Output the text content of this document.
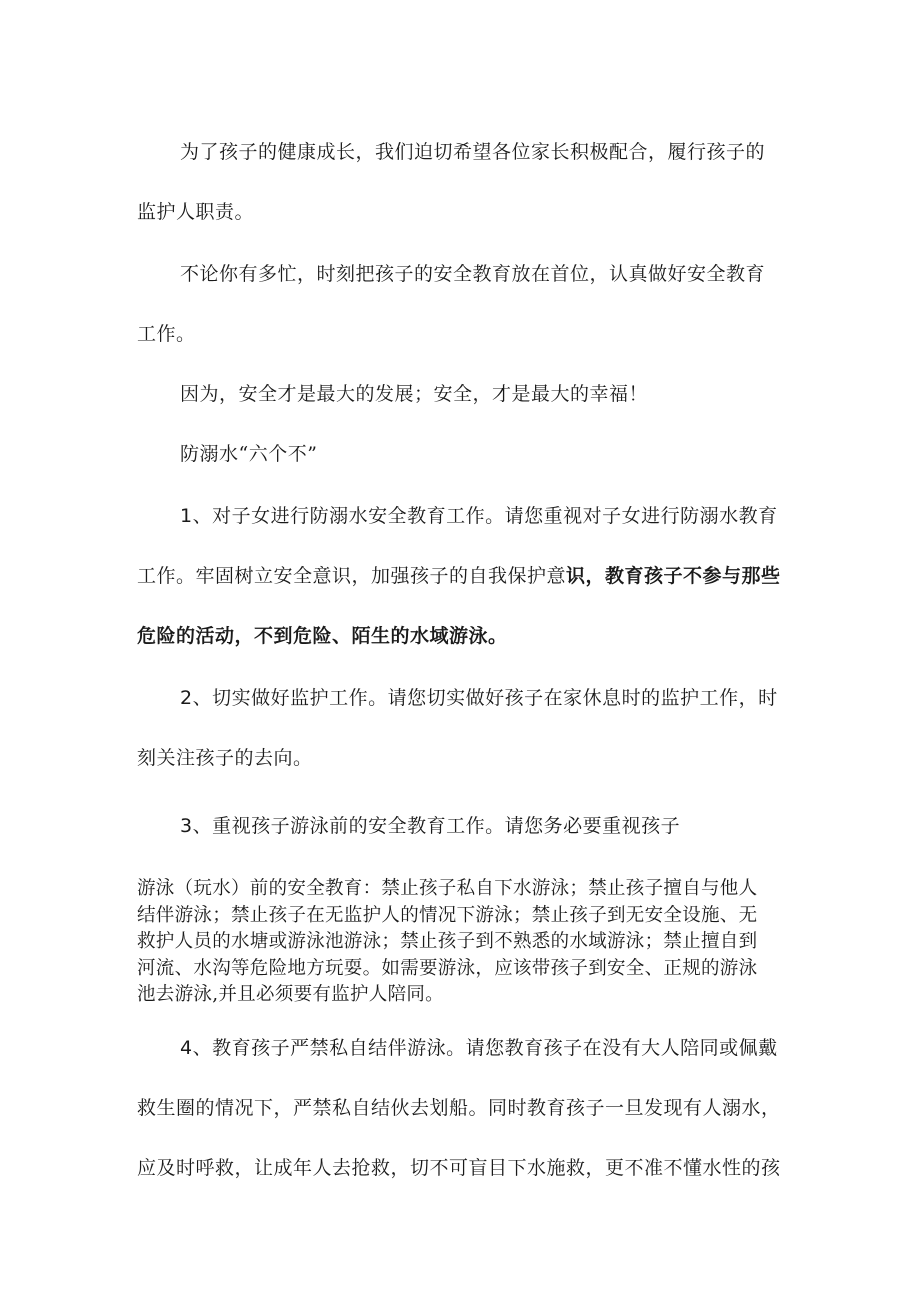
为了孩子的健康成长，我们迫切希望各位家长积极配合，履行孩子的
监护人职责。
不论你有多忙，时刻把孩子的安全教育放在首位，认真做好安全教育
工作。
因为，安全才是最大的发展；安全，才是最大的幸福！
防溺水“六个不”
1、对子女进行防溺水安全教育工作。请您重视对子女进行防溺水教育
工作。牢固树立安全意识，加强孩子的自我保护意识，教育孩子不参与那些
危险的活动，不到危险、陌生的水域游泳。
2、切实做好监护工作。请您切实做好孩子在家休息时的监护工作，时
刻关注孩子的去向。
3、重视孩子游泳前的安全教育工作。请您务必要重视孩子
游泳（玩水）前的安全教育：禁止孩子私自下水游泳；禁止孩子擅自与他人
结伴游泳；禁止孩子在无监护人的情况下游泳；禁止孩子到无安全设施、无
救护人员的水塘或游泳池游泳；禁止孩子到不熟悉的水域游泳；禁止擅自到
河流、水沟等危险地方玩耍。如需要游泳，应该带孩子到安全、正规的游泳
池去游泳,并且必须要有监护人陪同。
4、教育孩子严禁私自结伴游泳。请您教育孩子在没有大人陪同或佩戴
救生圈的情况下，严禁私自结伙去划船。同时教育孩子一旦发现有人溺水，
应及时呼救，让成年人去抢救，切不可盲目下水施救，更不准不懂水性的孩
